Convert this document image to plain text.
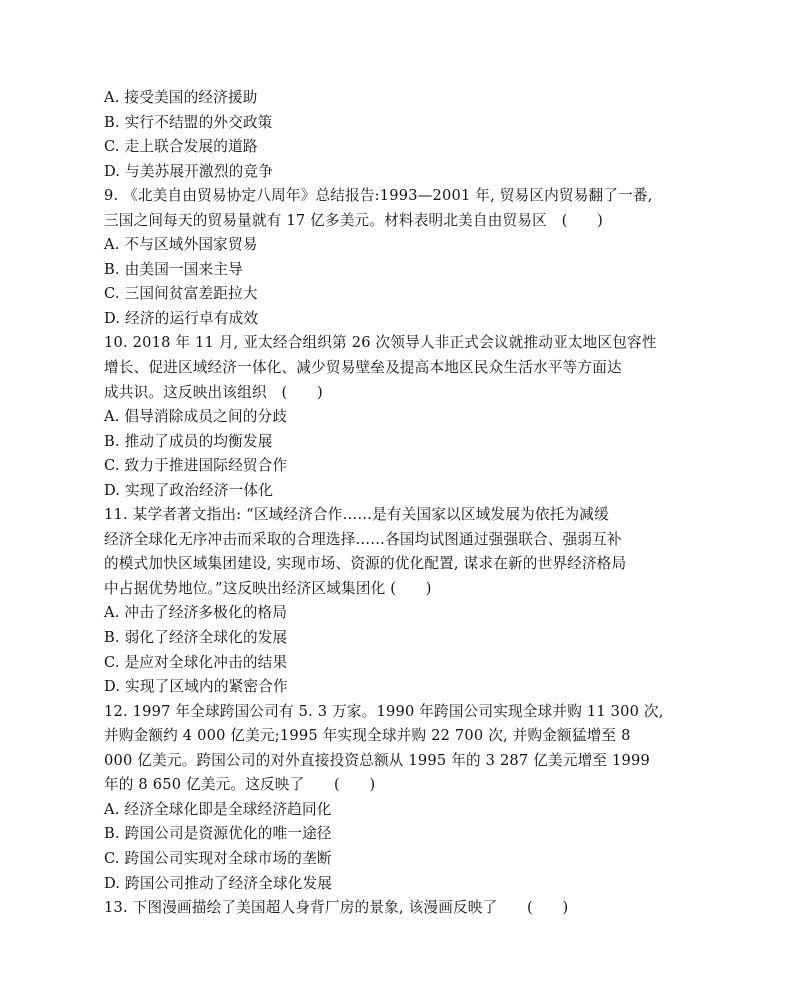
A. 接受美国的经济援助
B. 实行不结盟的外交政策
C. 走上联合发展的道路
D. 与美苏展开激烈的竞争
9. 《北美自由贸易协定八周年》总结报告:1993—2001 年, 贸易区内贸易翻了一番,
三国之间每天的贸易量就有 17 亿多美元。材料表明北美自由贸易区　(　　)
A. 不与区域外国家贸易
B. 由美国一国来主导
C. 三国间贫富差距拉大
D. 经济的运行卓有成效
10. 2018 年 11 月, 亚太经合组织第 26 次领导人非正式会议就推动亚太地区包容性
增长、促进区域经济一体化、减少贸易壁垒及提高本地区民众生活水平等方面达
成共识。这反映出该组织　(　　)
A. 倡导消除成员之间的分歧
B. 推动了成员的均衡发展
C. 致力于推进国际经贸合作
D. 实现了政治经济一体化
11. 某学者著文指出: “区域经济合作……是有关国家以区域发展为依托为减缓
经济全球化无序冲击而采取的合理选择……各国均试图通过强强联合、强弱互补
的模式加快区域集团建设, 实现市场、资源的优化配置, 谋求在新的世界经济格局
中占据优势地位。”这反映出经济区域集团化 (　　)
A. 冲击了经济多极化的格局
B. 弱化了经济全球化的发展
C. 是应对全球化冲击的结果
D. 实现了区域内的紧密合作
12. 1997 年全球跨国公司有 5. 3 万家。1990 年跨国公司实现全球并购 11 300 次,
并购金额约 4 000 亿美元;1995 年实现全球并购 22 700 次, 并购金额猛增至 8
000 亿美元。跨国公司的对外直接投资总额从 1995 年的 3 287 亿美元增至 1999
年的 8 650 亿美元。这反映了　　(　　)
A. 经济全球化即是全球经济趋同化
B. 跨国公司是资源优化的唯一途径
C. 跨国公司实现对全球市场的垄断
D. 跨国公司推动了经济全球化发展
13. 下图漫画描绘了美国超人身背厂房的景象, 该漫画反映了　　(　　)
